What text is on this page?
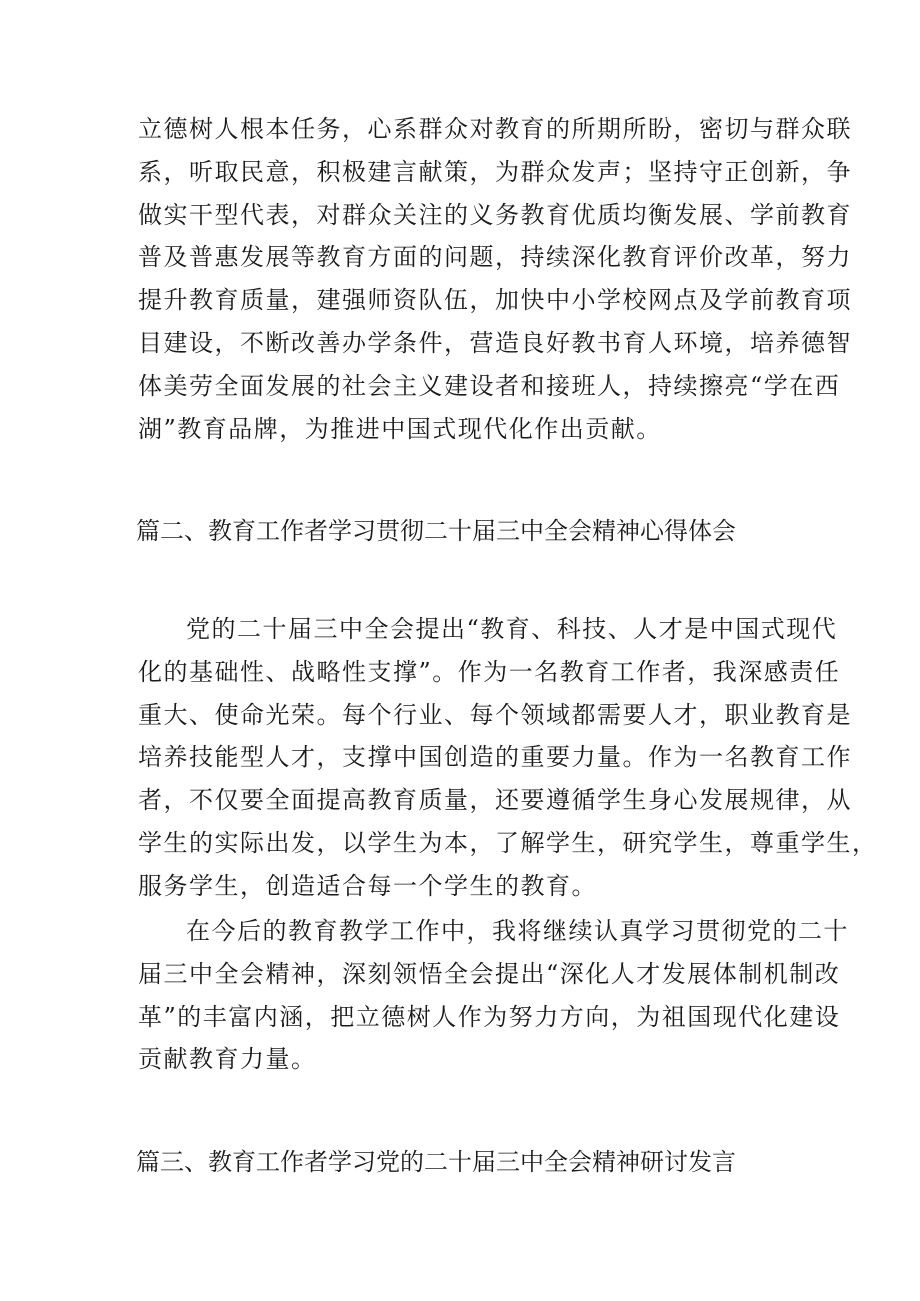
立德树人根本任务，心系群众对教育的所期所盼，密切与群众联
系，听取民意，积极建言献策，为群众发声；坚持守正创新，争
做实干型代表，对群众关注的义务教育优质均衡发展、学前教育
普及普惠发展等教育方面的问题，持续深化教育评价改革，努力
提升教育质量，建强师资队伍，加快中小学校网点及学前教育项
目建设，不断改善办学条件，营造良好教书育人环境，培养德智
体美劳全面发展的社会主义建设者和接班人，持续擦亮“学在西
湖”教育品牌，为推进中国式现代化作出贡献。
篇二、教育工作者学习贯彻二十届三中全会精神心得体会
党的二十届三中全会提出“教育、科技、人才是中国式现代
化的基础性、战略性支撑”。作为一名教育工作者，我深感责任
重大、使命光荣。每个行业、每个领域都需要人才，职业教育是
培养技能型人才，支撑中国创造的重要力量。作为一名教育工作
者，不仅要全面提高教育质量，还要遵循学生身心发展规律，从
学生的实际出发，以学生为本，了解学生，研究学生，尊重学生，
服务学生，创造适合每一个学生的教育。
在今后的教育教学工作中，我将继续认真学习贯彻党的二十
届三中全会精神，深刻领悟全会提出“深化人才发展体制机制改
革”的丰富内涵，把立德树人作为努力方向，为祖国现代化建设
贡献教育力量。
篇三、教育工作者学习党的二十届三中全会精神研讨发言
